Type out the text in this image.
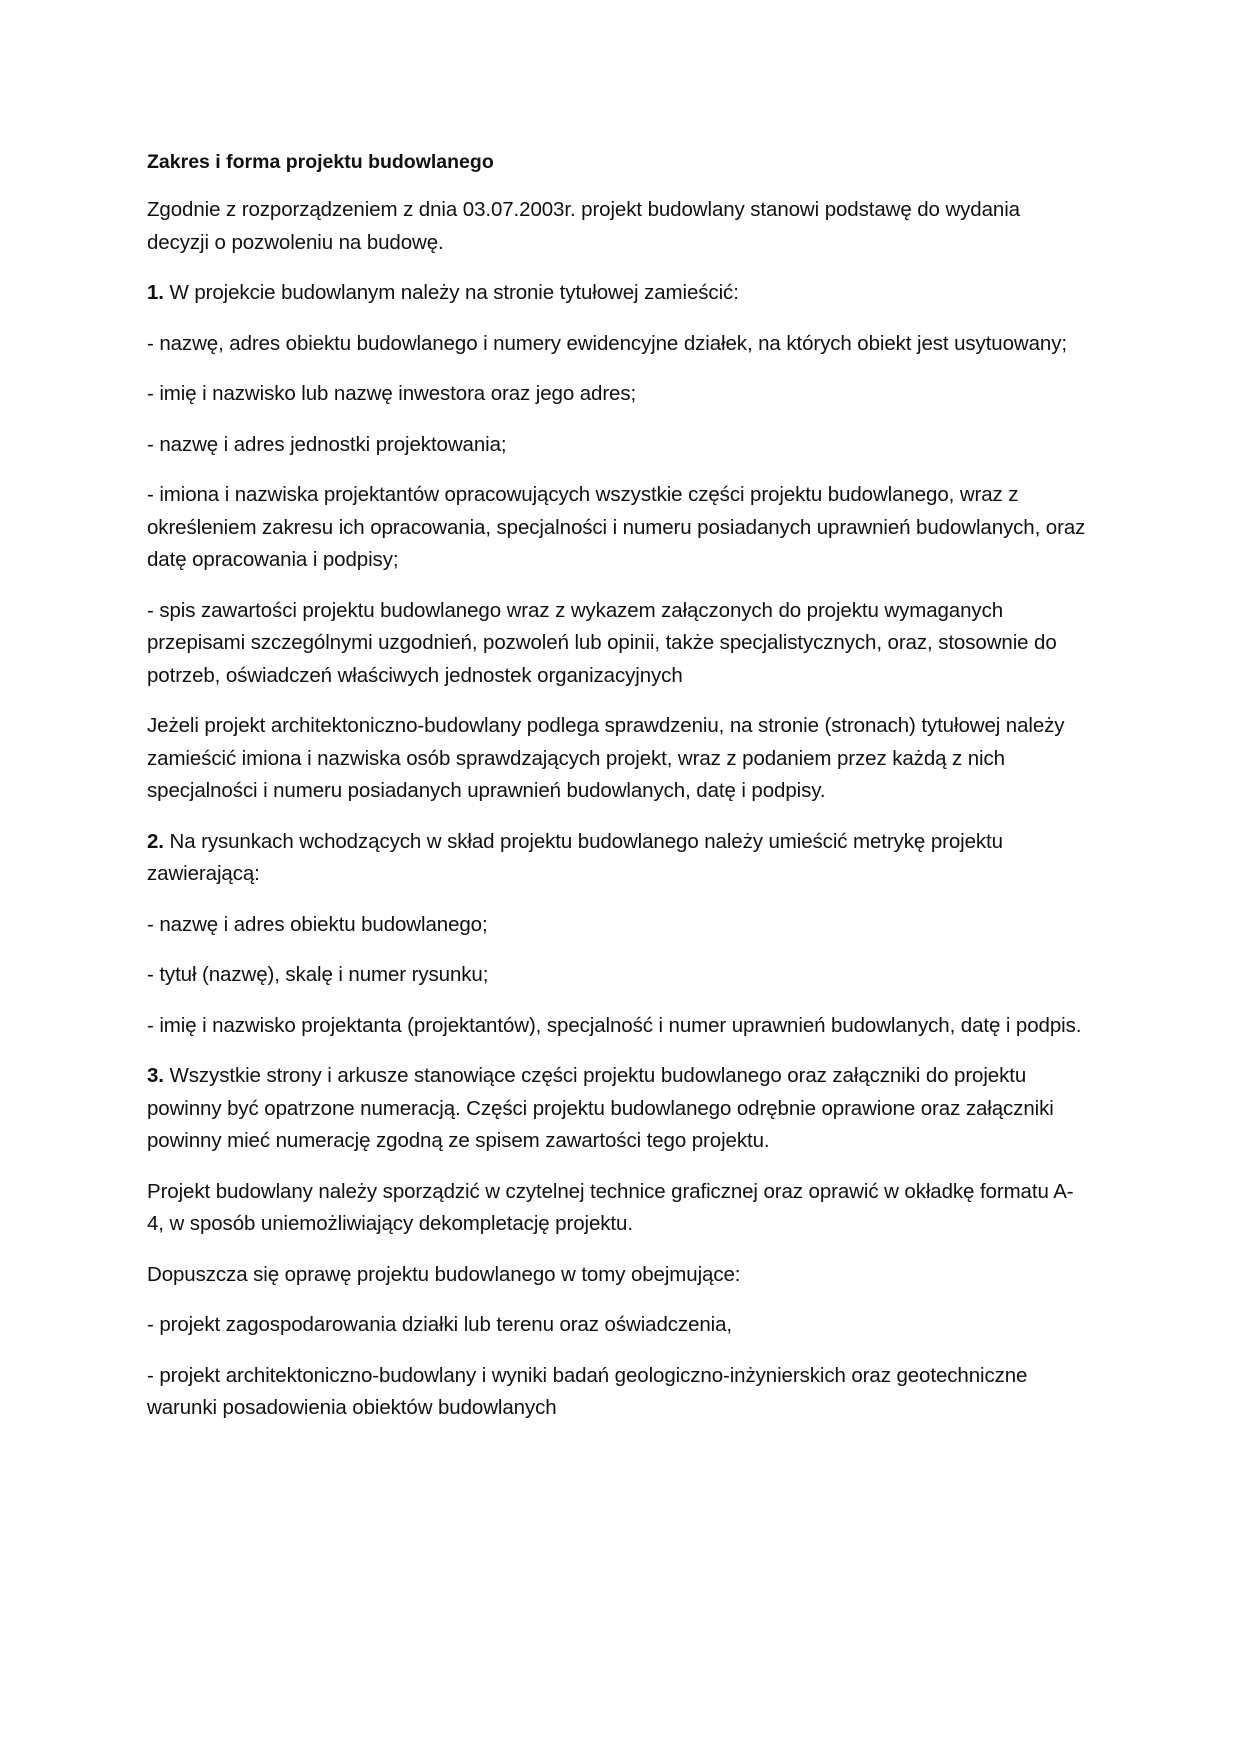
Zakres i forma projektu budowlanego
Zgodnie z rozporządzeniem z dnia 03.07.2003r. projekt budowlany stanowi podstawę do wydania decyzji o pozwoleniu na budowę.
1. W projekcie budowlanym należy na stronie tytułowej zamieścić:
- nazwę, adres obiektu budowlanego i numery ewidencyjne działek, na których obiekt jest usytuowany;
- imię i nazwisko lub nazwę inwestora oraz jego adres;
- nazwę i adres jednostki projektowania;
- imiona i nazwiska projektantów opracowujących wszystkie części projektu budowlanego, wraz z określeniem zakresu ich opracowania, specjalności i numeru posiadanych uprawnień budowlanych, oraz datę opracowania i podpisy;
- spis zawartości projektu budowlanego wraz z wykazem załączonych do projektu wymaganych przepisami szczególnymi uzgodnień, pozwoleń lub opinii, także specjalistycznych, oraz, stosownie do potrzeb, oświadczeń właściwych jednostek organizacyjnych
Jeżeli projekt architektoniczno-budowlany podlega sprawdzeniu, na stronie (stronach) tytułowej należy zamieścić imiona i nazwiska osób sprawdzających projekt, wraz z podaniem przez każdą z nich specjalności i numeru posiadanych uprawnień budowlanych, datę i podpisy.
2. Na rysunkach wchodzących w skład projektu budowlanego należy umieścić metrykę projektu zawierającą:
- nazwę i adres obiektu budowlanego;
- tytuł (nazwę), skalę i numer rysunku;
- imię i nazwisko projektanta (projektantów), specjalność i numer uprawnień budowlanych, datę i podpis.
3. Wszystkie strony i arkusze stanowiące części projektu budowlanego oraz załączniki do projektu powinny być opatrzone numeracją. Części projektu budowlanego odrębnie oprawione oraz załączniki powinny mieć numerację zgodną ze spisem zawartości tego projektu.
Projekt budowlany należy sporządzić w czytelnej technice graficznej oraz oprawić w okładkę formatu A-4, w sposób uniemożliwiający dekompletację projektu.
Dopuszcza się oprawę projektu budowlanego w tomy obejmujące:
- projekt zagospodarowania działki lub terenu oraz oświadczenia,
- projekt architektoniczno-budowlany i wyniki badań geologiczno-inżynierskich oraz geotechniczne warunki posadowienia obiektów budowlanych
